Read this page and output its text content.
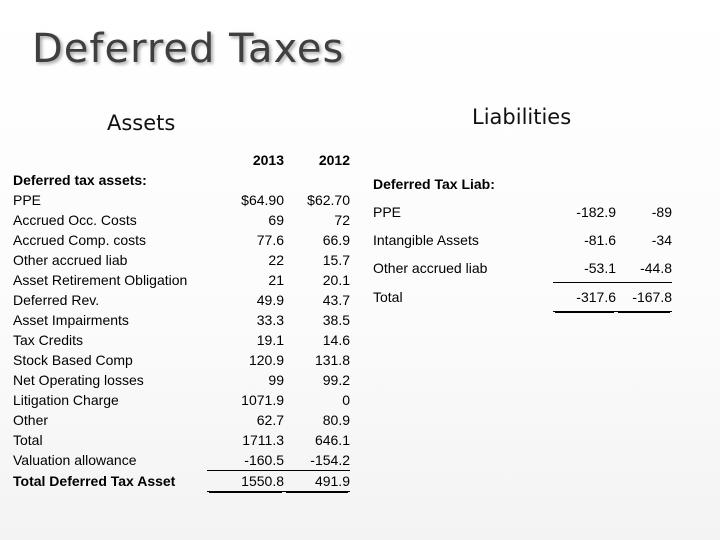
Deferred Taxes
Assets	Liabilities
	2013	2012
Deferred tax assets:		
PPE	$64.90	$62.70
Accrued Occ. Costs	69	72
Accrued Comp. costs	77.6	66.9
Other accrued liab	22	15.7
Asset Retirement Obligation	21	20.1
Deferred Rev.	49.9	43.7
Asset Impairments	33.3	38.5
Tax Credits	19.1	14.6
Stock Based Comp	120.9	131.8
Net Operating losses	99	99.2
Litigation Charge	1071.9	0
Other	62.7	80.9
Total	1711.3	646.1
Valuation allowance	-160.5	-154.2
Total Deferred Tax Asset	1550.8	491.9
Deferred Tax Liab:		
PPE	-182.9	-89
Intangible Assets	-81.6	-34
Other accrued liab	-53.1	-44.8
Total	-317.6	-167.8
